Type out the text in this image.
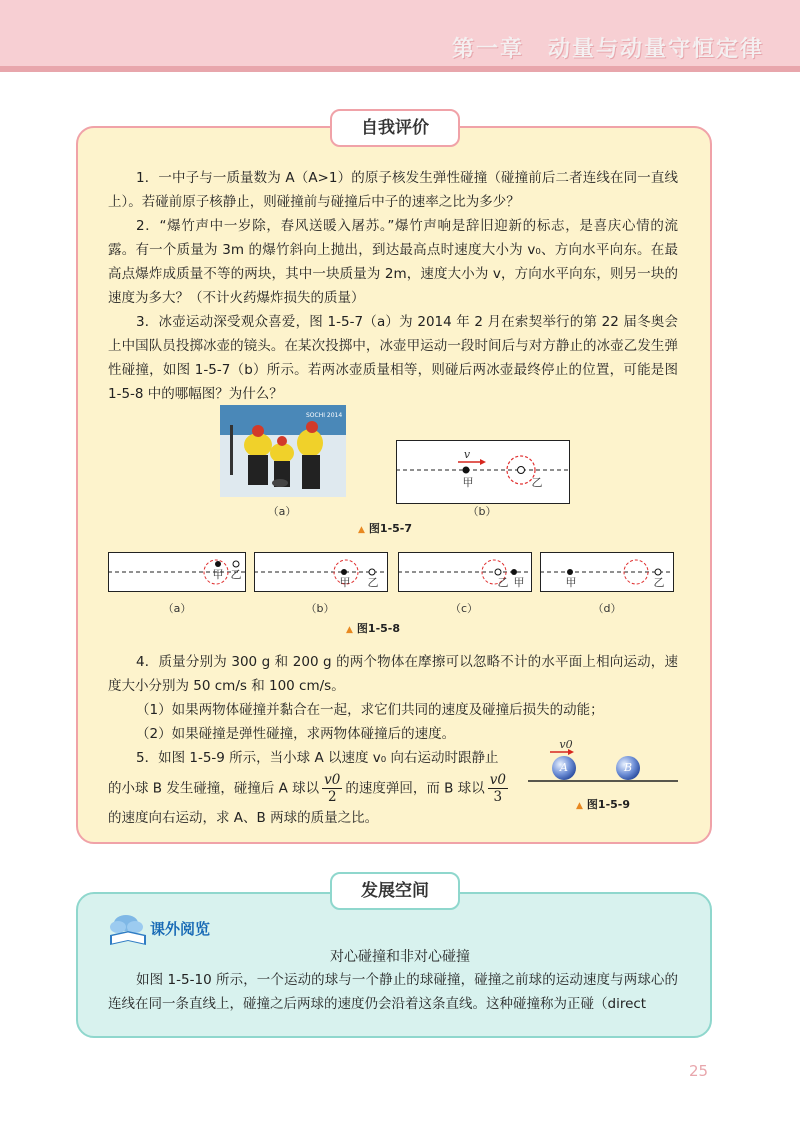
第一章　动量与动量守恒定律
自我评价

1．一中子与一质量数为 A（A>1）的原子核发生弹性碰撞（碰撞前后二者连线在同一直线上）。若碰前原子核静止，则碰撞前与碰撞后中子的速率之比为多少？

2．“爆竹声中一岁除，春风送暖入屠苏。”爆竹声响是辞旧迎新的标志，是喜庆心情的流露。有一个质量为 3m 的爆竹斜向上抛出，到达最高点时速度大小为 v₀、方向水平向东。在最高点爆炸成质量不等的两块，其中一块质量为 2m，速度大小为 v，方向水平向东，则另一块的速度为多大？（不计火药爆炸损失的质量）

3．冰壶运动深受观众喜爱，图 1-5-7（a）为 2014 年 2 月在索契举行的第 22 届冬奥会上中国队员投掷冰壶的镜头。在某次投掷中，冰壶甲运动一段时间后与对方静止的冰壶乙发生弹性碰撞，如图 1-5-7（b）所示。若两冰壶质量相等，则碰后两冰壶最终停止的位置，可能是图 1-5-8 中的哪幅图？为什么？

SOCHI 2014
（a）
v
甲	乙
（b）
▲ 图1-5-7
甲 乙
甲 乙	甲
乙	甲	乙
（a）	（b）	（c）	（d）
▲ 图1-5-8

4．质量分别为 300 g 和 200 g 的两个物体在摩擦可以忽略不计的水平面上相向运动，速度大小分别为 50 cm/s 和 100 cm/s。

（1）如果两物体碰撞并黏合在一起，求它们共同的速度及碰撞后损失的动能；

（2）如果碰撞是弹性碰撞，求两物体碰撞后的速度。

5．如图 1-5-9 所示，当小球 A 以速度 v₀ 向右运动时跟静止

的小球 B 发生碰撞，碰撞后 A 球以 $\frac{v0}{2}$ 的速度弹回，而 B 球以 $\frac{v0}{3}$

的速度向右运动，求 A、B 两球的质量之比。

v0
A	B
▲ 图1-5-9
发展空间
课外阅览
对心碰撞和非对心碰撞

如图 1-5-10 所示，一个运动的球与一个静止的球碰撞，碰撞之前球的运动速度与两球心的连线在同一条直线上，碰撞之后两球的速度仍会沿着这条直线。这种碰撞称为正碰（direct

25
